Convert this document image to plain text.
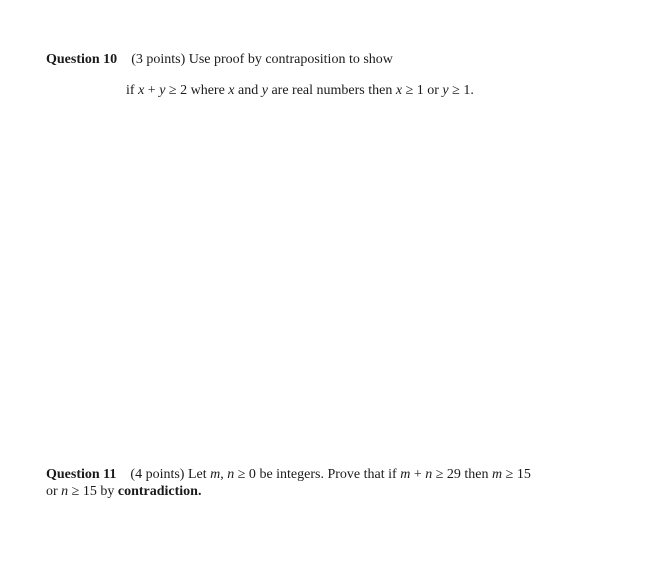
Question 10 (3 points) Use proof by contraposition to show
if x + y ≥ 2 where x and y are real numbers then x ≥ 1 or y ≥ 1.
Question 11 (4 points) Let m, n ≥ 0 be integers. Prove that if m + n ≥ 29 then m ≥ 15
or n ≥ 15 by contradiction.
